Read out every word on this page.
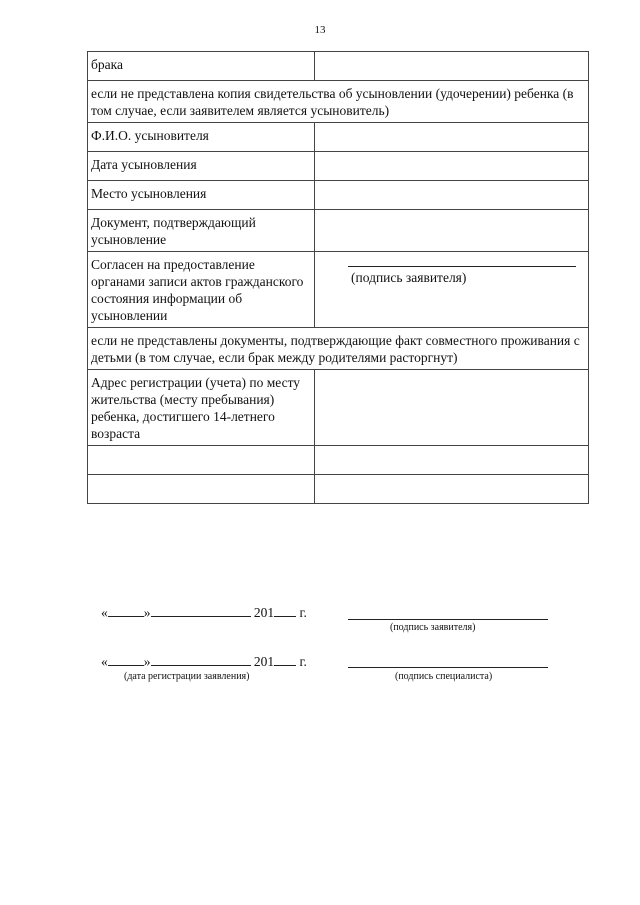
13
брака	
если не представлена копия свидетельства об усыновлении (удочерении) ребенка (в том случае, если заявителем является усыновитель)	
Ф.И.О. усыновителя	
Дата усыновления	
Место усыновления	
Документ, подтверждающий усыновление	
Согласен на предоставление органами записи актов гражданского состояния информации об усыновлении	(подпись заявителя)

если не представлены документы, подтверждающие факт совместного проживания с детьми (в том случае, если брак между родителями расторгнут)	
Адрес регистрации (учета) по месту жительства (месту пребывания) ребенка, достигшего 14-летнего возраста	

«	»	201 г.
(подпись заявителя)
«	»	201 г.
(дата регистрации заявления)	(подпись специалиста)
